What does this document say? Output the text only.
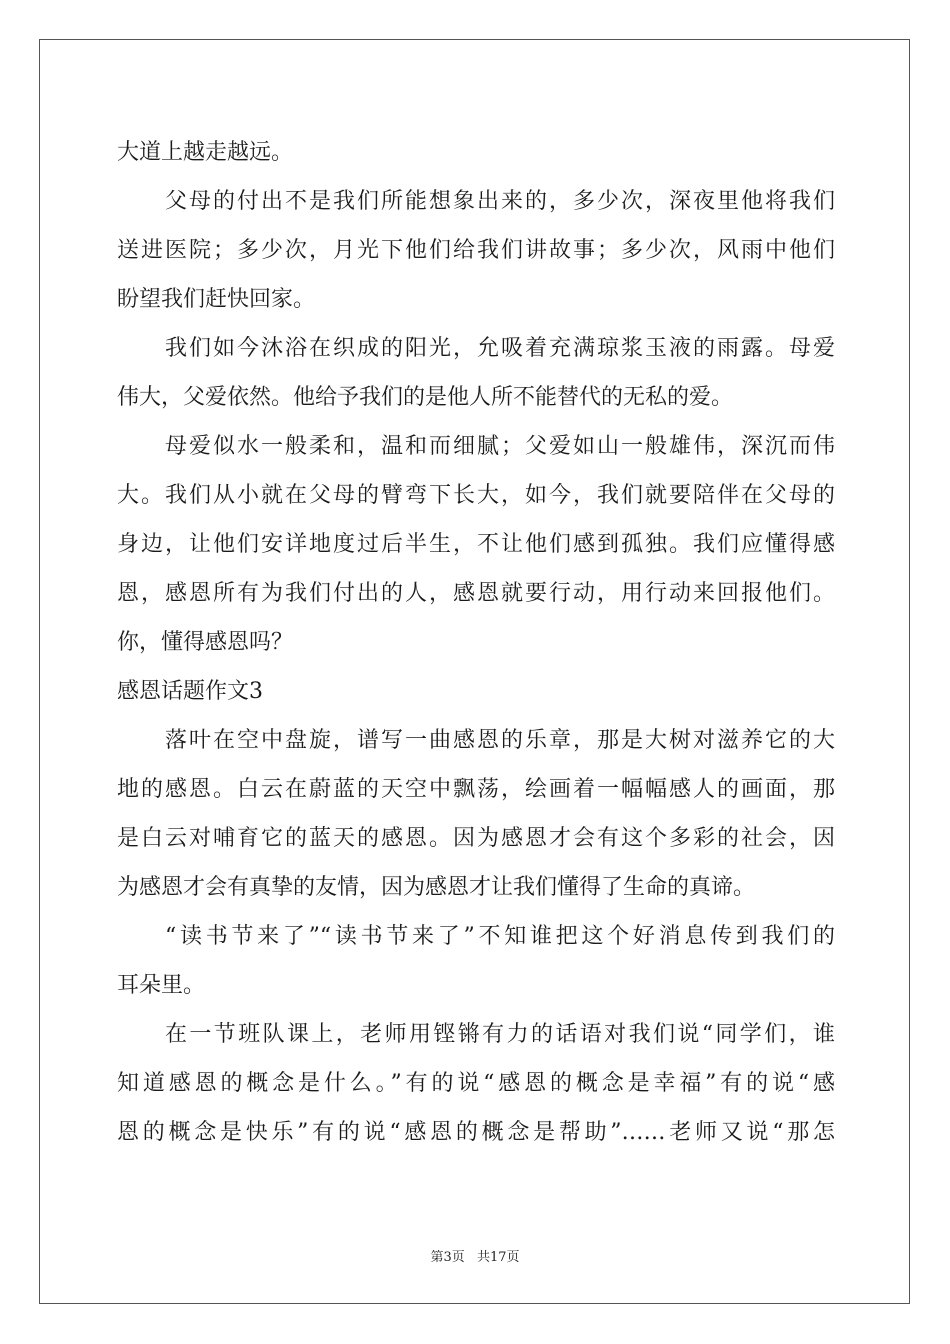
大道上越走越远。
父母的付出不是我们所能想象出来的，多少次，深夜里他将我们
送进医院；多少次，月光下他们给我们讲故事；多少次，风雨中他们
盼望我们赶快回家。
我们如今沐浴在织成的阳光，允吸着充满琼浆玉液的雨露。母爱
伟大，父爱依然。他给予我们的是他人所不能替代的无私的爱。
母爱似水一般柔和，温和而细腻；父爱如山一般雄伟，深沉而伟
大。我们从小就在父母的臂弯下长大，如今，我们就要陪伴在父母的
身边，让他们安详地度过后半生，不让他们感到孤独。我们应懂得感
恩，感恩所有为我们付出的人，感恩就要行动，用行动来回报他们。
你，懂得感恩吗？
感恩话题作文3
落叶在空中盘旋，谱写一曲感恩的乐章，那是大树对滋养它的大
地的感恩。白云在蔚蓝的天空中飘荡，绘画着一幅幅感人的画面，那
是白云对哺育它的蓝天的感恩。因为感恩才会有这个多彩的社会，因
为感恩才会有真挚的友情，因为感恩才让我们懂得了生命的真谛。
“读书节来了”“读书节来了”不知谁把这个好消息传到我们的
耳朵里。
在一节班队课上，老师用铿锵有力的话语对我们说“同学们，谁
知道感恩的概念是什么。”有的说“感恩的概念是幸福”有的说“感
恩的概念是快乐”有的说“感恩的概念是帮助”……老师又说“那怎
第3页 共17页
